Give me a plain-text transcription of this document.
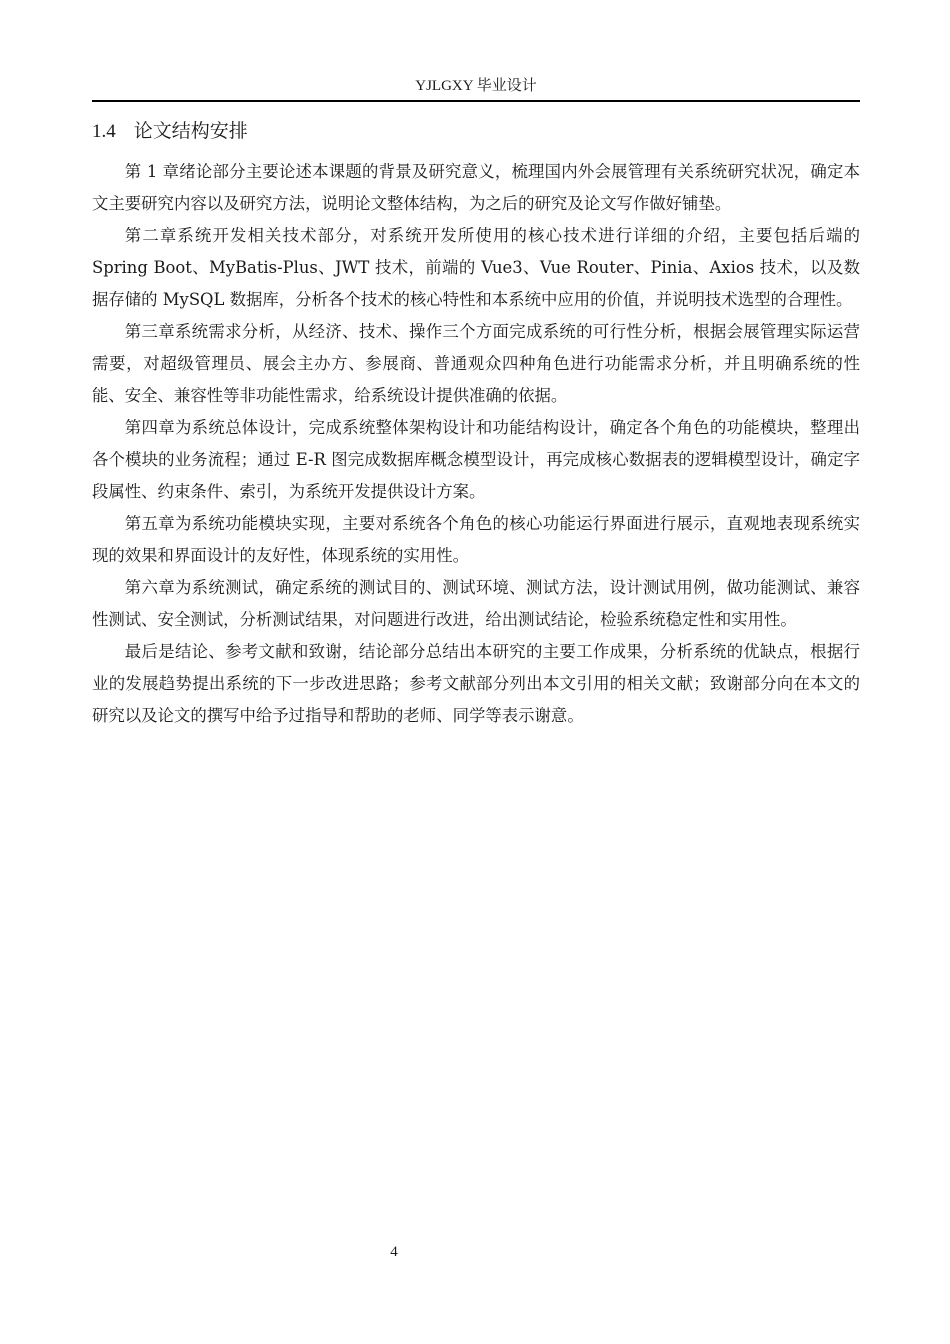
YJLGXY 毕业设计
1.4 论文结构安排

第 1 章绪论部分主要论述本课题的背景及研究意义，梳理国内外会展管理有关系统研究状况，确定本文主要研究内容以及研究方法，说明论文整体结构，为之后的研究及论文写作做好铺垫。

第二章系统开发相关技术部分，对系统开发所使用的核心技术进行详细的介绍，主要包括后端的 Spring Boot、MyBatis-Plus、JWT 技术，前端的 Vue3、Vue Router、Pinia、Axios 技术，以及数据存储的 MySQL 数据库，分析各个技术的核心特性和本系统中应用的价值，并说明技术选型的合理性。

第三章系统需求分析，从经济、技术、操作三个方面完成系统的可行性分析，根据会展管理实际运营需要，对超级管理员、展会主办方、参展商、普通观众四种角色进行功能需求分析，并且明确系统的性能、安全、兼容性等非功能性需求，给系统设计提供准确的依据。

第四章为系统总体设计，完成系统整体架构设计和功能结构设计，确定各个角色的功能模块，整理出各个模块的业务流程；通过 E-R 图完成数据库概念模型设计，再完成核心数据表的逻辑模型设计，确定字段属性、约束条件、索引，为系统开发提供设计方案。

第五章为系统功能模块实现，主要对系统各个角色的核心功能运行界面进行展示，直观地表现系统实现的效果和界面设计的友好性，体现系统的实用性。

第六章为系统测试，确定系统的测试目的、测试环境、测试方法，设计测试用例，做功能测试、兼容性测试、安全测试，分析测试结果，对问题进行改进，给出测试结论，检验系统稳定性和实用性。

最后是结论、参考文献和致谢，结论部分总结出本研究的主要工作成果，分析系统的优缺点，根据行业的发展趋势提出系统的下一步改进思路；参考文献部分列出本文引用的相关文献；致谢部分向在本文的研究以及论文的撰写中给予过指导和帮助的老师、同学等表示谢意。

4
